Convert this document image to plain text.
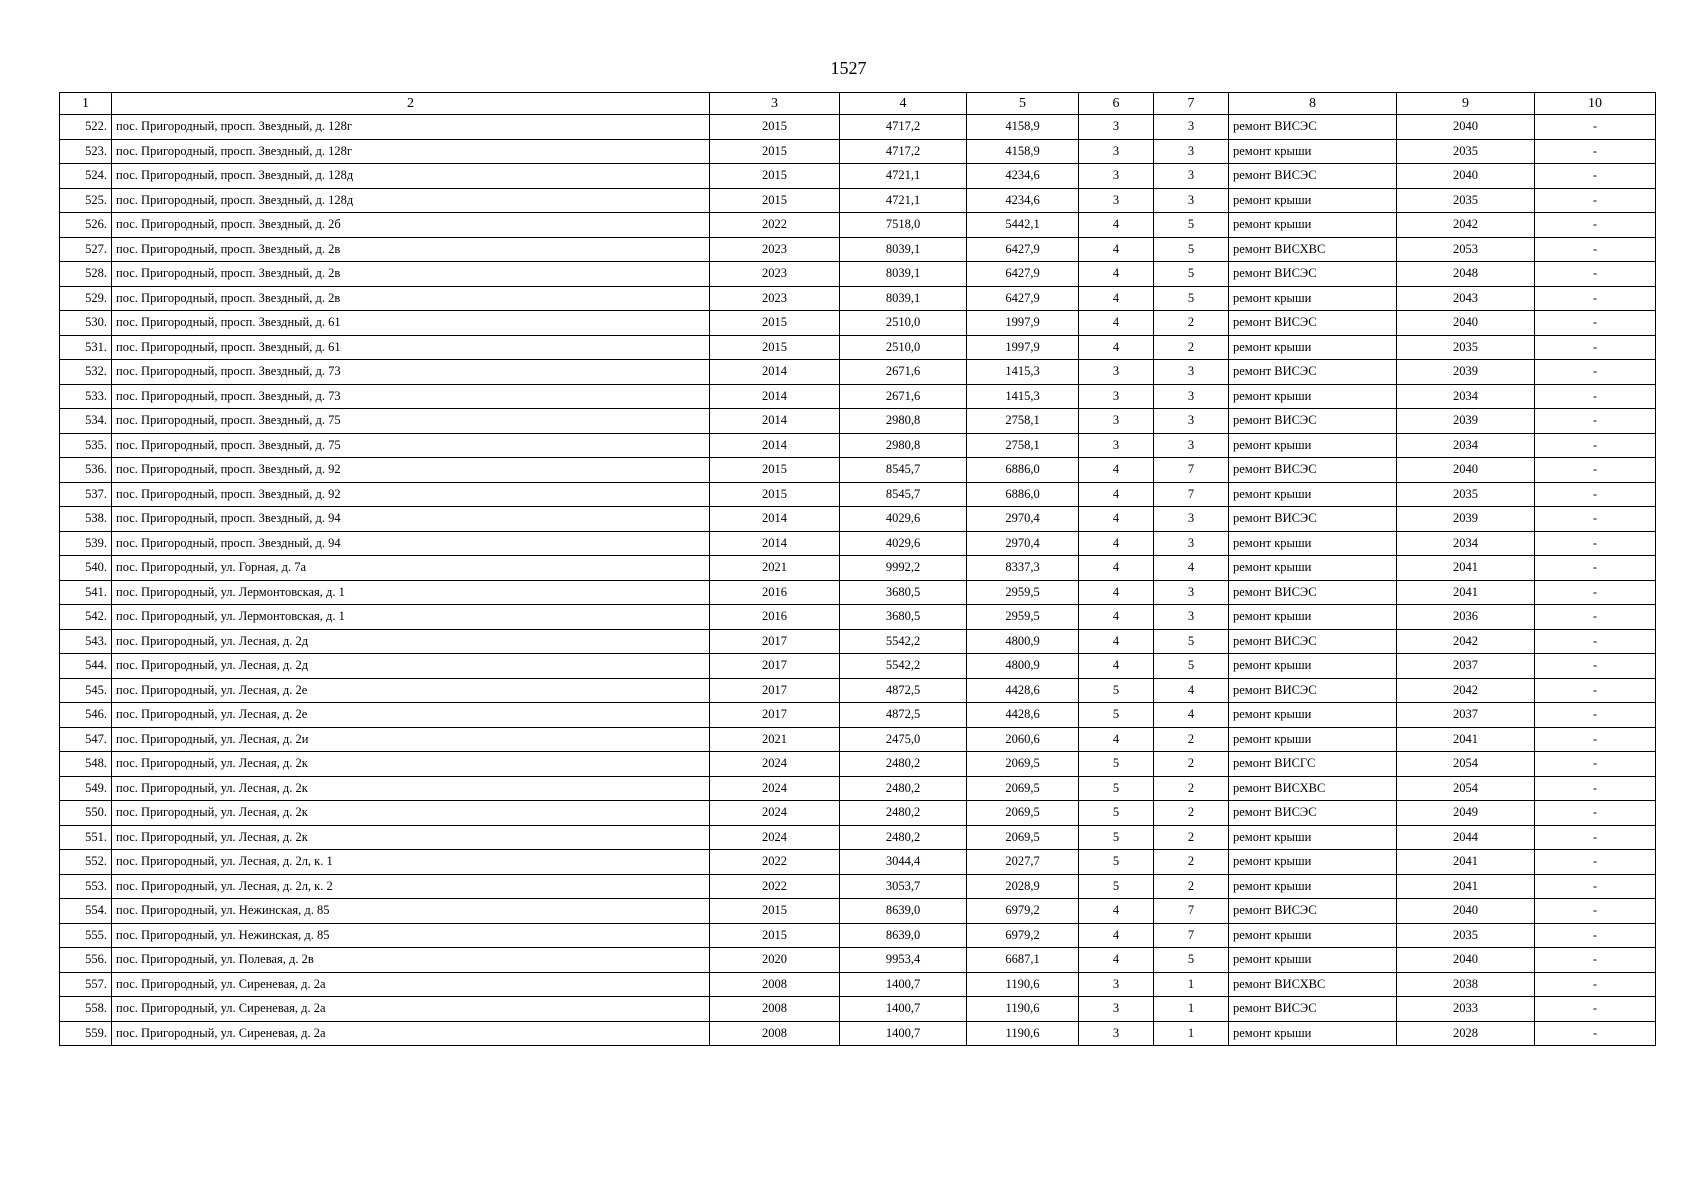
1527
1	2	3	4	5	6	7	8	9	10
522.	пос. Пригородный, просп. Звездный, д. 128г	2015	4717,2	4158,9	3	3	ремонт ВИСЭС	2040	-
523.	пос. Пригородный, просп. Звездный, д. 128г	2015	4717,2	4158,9	3	3	ремонт крыши	2035	-
524.	пос. Пригородный, просп. Звездный, д. 128д	2015	4721,1	4234,6	3	3	ремонт ВИСЭС	2040	-
525.	пос. Пригородный, просп. Звездный, д. 128д	2015	4721,1	4234,6	3	3	ремонт крыши	2035	-
526.	пос. Пригородный, просп. Звездный, д. 2б	2022	7518,0	5442,1	4	5	ремонт крыши	2042	-
527.	пос. Пригородный, просп. Звездный, д. 2в	2023	8039,1	6427,9	4	5	ремонт ВИСХВС	2053	-
528.	пос. Пригородный, просп. Звездный, д. 2в	2023	8039,1	6427,9	4	5	ремонт ВИСЭС	2048	-
529.	пос. Пригородный, просп. Звездный, д. 2в	2023	8039,1	6427,9	4	5	ремонт крыши	2043	-
530.	пос. Пригородный, просп. Звездный, д. 61	2015	2510,0	1997,9	4	2	ремонт ВИСЭС	2040	-
531.	пос. Пригородный, просп. Звездный, д. 61	2015	2510,0	1997,9	4	2	ремонт крыши	2035	-
532.	пос. Пригородный, просп. Звездный, д. 73	2014	2671,6	1415,3	3	3	ремонт ВИСЭС	2039	-
533.	пос. Пригородный, просп. Звездный, д. 73	2014	2671,6	1415,3	3	3	ремонт крыши	2034	-
534.	пос. Пригородный, просп. Звездный, д. 75	2014	2980,8	2758,1	3	3	ремонт ВИСЭС	2039	-
535.	пос. Пригородный, просп. Звездный, д. 75	2014	2980,8	2758,1	3	3	ремонт крыши	2034	-
536.	пос. Пригородный, просп. Звездный, д. 92	2015	8545,7	6886,0	4	7	ремонт ВИСЭС	2040	-
537.	пос. Пригородный, просп. Звездный, д. 92	2015	8545,7	6886,0	4	7	ремонт крыши	2035	-
538.	пос. Пригородный, просп. Звездный, д. 94	2014	4029,6	2970,4	4	3	ремонт ВИСЭС	2039	-
539.	пос. Пригородный, просп. Звездный, д. 94	2014	4029,6	2970,4	4	3	ремонт крыши	2034	-
540.	пос. Пригородный, ул. Горная, д. 7а	2021	9992,2	8337,3	4	4	ремонт крыши	2041	-
541.	пос. Пригородный, ул. Лермонтовская, д. 1	2016	3680,5	2959,5	4	3	ремонт ВИСЭС	2041	-
542.	пос. Пригородный, ул. Лермонтовская, д. 1	2016	3680,5	2959,5	4	3	ремонт крыши	2036	-
543.	пос. Пригородный, ул. Лесная, д. 2д	2017	5542,2	4800,9	4	5	ремонт ВИСЭС	2042	-
544.	пос. Пригородный, ул. Лесная, д. 2д	2017	5542,2	4800,9	4	5	ремонт крыши	2037	-
545.	пос. Пригородный, ул. Лесная, д. 2е	2017	4872,5	4428,6	5	4	ремонт ВИСЭС	2042	-
546.	пос. Пригородный, ул. Лесная, д. 2е	2017	4872,5	4428,6	5	4	ремонт крыши	2037	-
547.	пос. Пригородный, ул. Лесная, д. 2и	2021	2475,0	2060,6	4	2	ремонт крыши	2041	-
548.	пос. Пригородный, ул. Лесная, д. 2к	2024	2480,2	2069,5	5	2	ремонт ВИСГС	2054	-
549.	пос. Пригородный, ул. Лесная, д. 2к	2024	2480,2	2069,5	5	2	ремонт ВИСХВС	2054	-
550.	пос. Пригородный, ул. Лесная, д. 2к	2024	2480,2	2069,5	5	2	ремонт ВИСЭС	2049	-
551.	пос. Пригородный, ул. Лесная, д. 2к	2024	2480,2	2069,5	5	2	ремонт крыши	2044	-
552.	пос. Пригородный, ул. Лесная, д. 2л, к. 1	2022	3044,4	2027,7	5	2	ремонт крыши	2041	-
553.	пос. Пригородный, ул. Лесная, д. 2л, к. 2	2022	3053,7	2028,9	5	2	ремонт крыши	2041	-
554.	пос. Пригородный, ул. Нежинская, д. 85	2015	8639,0	6979,2	4	7	ремонт ВИСЭС	2040	-
555.	пос. Пригородный, ул. Нежинская, д. 85	2015	8639,0	6979,2	4	7	ремонт крыши	2035	-
556.	пос. Пригородный, ул. Полевая, д. 2в	2020	9953,4	6687,1	4	5	ремонт крыши	2040	-
557.	пос. Пригородный, ул. Сиреневая, д. 2а	2008	1400,7	1190,6	3	1	ремонт ВИСХВС	2038	-
558.	пос. Пригородный, ул. Сиреневая, д. 2а	2008	1400,7	1190,6	3	1	ремонт ВИСЭС	2033	-
559.	пос. Пригородный, ул. Сиреневая, д. 2а	2008	1400,7	1190,6	3	1	ремонт крыши	2028	-
